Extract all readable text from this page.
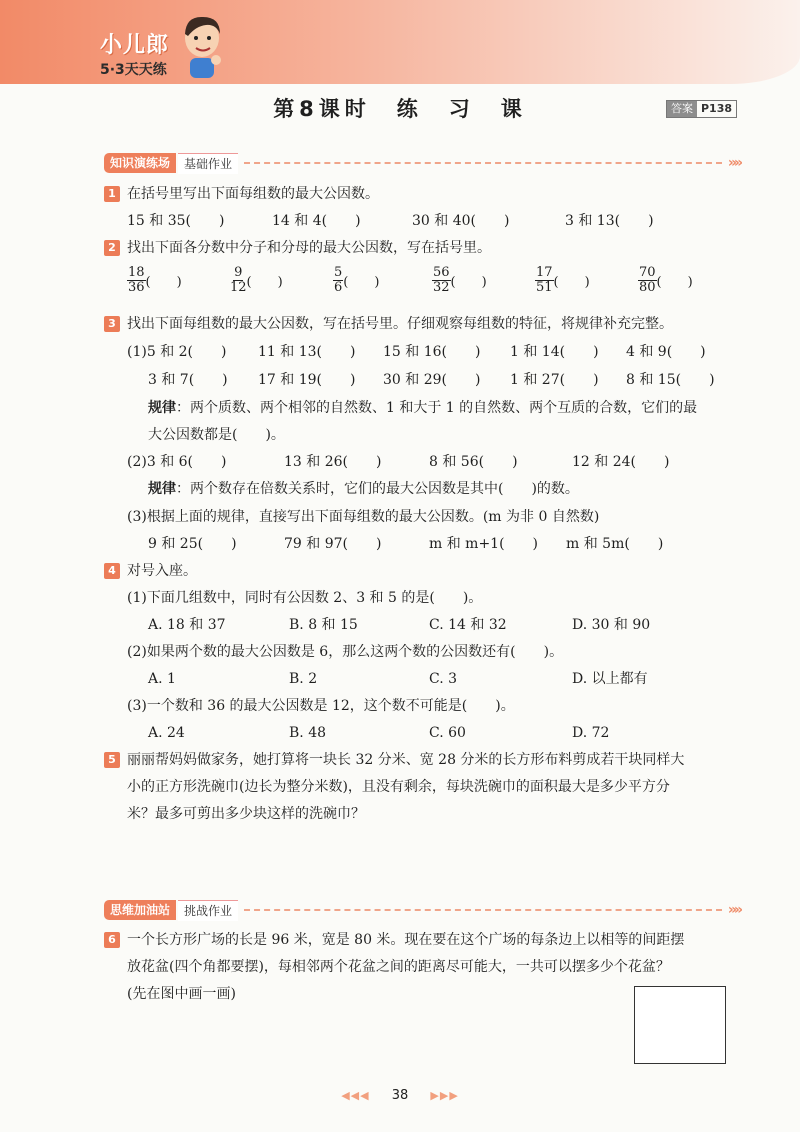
小儿郎
5·3天天练
第8课时　练　习　课	答案 P138
知识演练场	基础作业	»»
1 在括号里写出下面每组数的最大公因数。
15 和 35(　　)	14 和 4(　　)	30 和 40(　　)	3 和 13(　　)
2 找出下面各分数中分子和分母的最大公因数，写在括号里。
$\frac{18}{36}$ (　　)	$\frac{9}{12}$ (　　)	$\frac{5}{6}$ (　　)	$\frac{56}{32}$ (　　)	$\frac{17}{51}$ (　　)	$\frac{70}{80}$ (　　)
3 找出下面每组数的最大公因数，写在括号里。仔细观察每组数的特征，将规律补充完整。
(1)5 和 2(　　) 11 和 13(　　) 15 和 16(　　) 1 和 14(　　) 4 和 9(　　)
3 和 7(　　) 17 和 19(　　) 30 和 29(　　) 1 和 27(　　) 8 和 15(　　)
规律：两个质数、两个相邻的自然数、1 和大于 1 的自然数、两个互质的合数，它们的最
大公因数都是(　　)。
(2)3 和 6(　　)	13 和 26(　　)	8 和 56(　　)	12 和 24(　　)
规律：两个数存在倍数关系时，它们的最大公因数是其中(　　)的数。
(3)根据上面的规律，直接写出下面每组数的最大公因数。(m 为非 0 自然数)
9 和 25(　　)	79 和 97(　　)	m 和 m+1(　　) m 和 5m(　　)
4 对号入座。
(1)下面几组数中，同时有公因数 2、3 和 5 的是(　　)。
A. 18 和 37	B. 8 和 15	C. 14 和 32	D. 30 和 90
(2)如果两个数的最大公因数是 6，那么这两个数的公因数还有(　　)。
A. 1	B. 2	C. 3	D. 以上都有
(3)一个数和 36 的最大公因数是 12，这个数不可能是(　　)。
A. 24	B. 48	C. 60	D. 72
5 丽丽帮妈妈做家务，她打算将一块长 32 分米、宽 28 分米的长方形布料剪成若干块同样大
小的正方形洗碗巾(边长为整分米数)，且没有剩余，每块洗碗巾的面积最大是多少平方分
米？最多可剪出多少块这样的洗碗巾？
思维加油站	挑战作业	»»
6 一个长方形广场的长是 96 米，宽是 80 米。现在要在这个广场的每条边上以相等的间距摆
放花盆(四个角都要摆)，每相邻两个花盆之间的距离尽可能大，一共可以摆多少个花盆？
(先在图中画一画)
◀◀◀ 38 ▶▶▶
